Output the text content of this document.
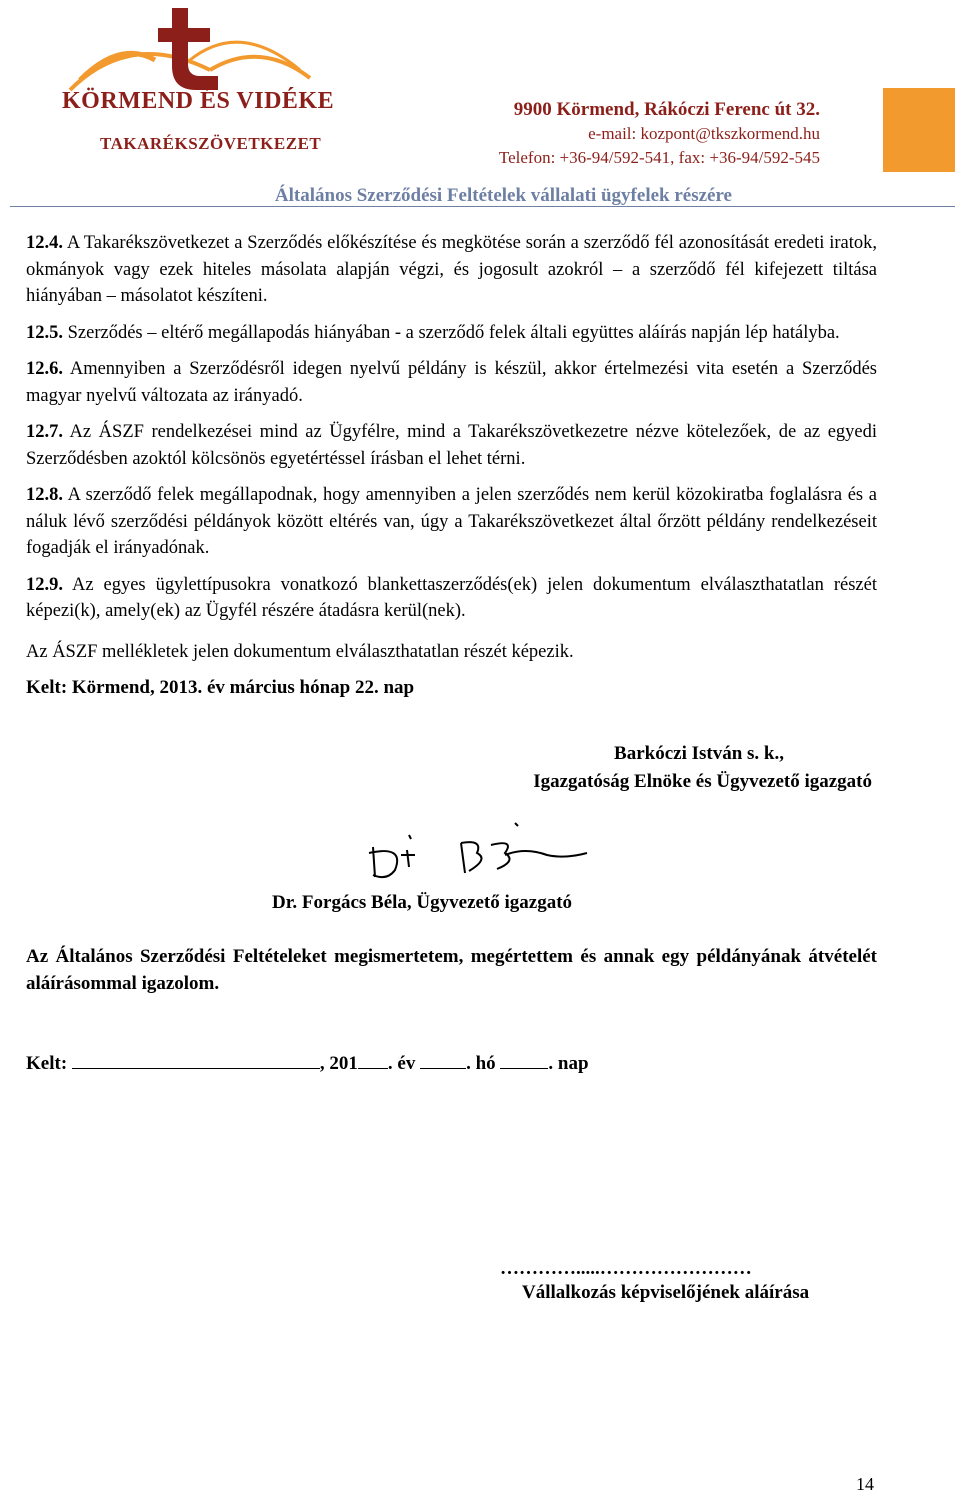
KÖRMEND ÉS VIDÉKE
TAKARÉKSZÖVETKEZET
9900 Körmend, Rákóczi Ferenc út 32.
e-mail: kozpont@tkszkormend.hu
Telefon: +36-94/592-541, fax: +36-94/592-545
Általános Szerződési Feltételek vállalati ügyfelek részére

12.4. A Takarékszövetkezet a Szerződés előkészítése és megkötése során a szerződő fél azonosítását eredeti iratok, okmányok vagy ezek hiteles másolata alapján végzi, és jogosult azokról – a szerződő fél kifejezett tiltása hiányában – másolatot készíteni.

12.5. Szerződés – eltérő megállapodás hiányában - a szerződő felek általi együttes aláírás napján lép hatályba.

12.6. Amennyiben a Szerződésről idegen nyelvű példány is készül, akkor értelmezési vita esetén a Szerződés magyar nyelvű változata az irányadó.

12.7. Az ÁSZF rendelkezései mind az Ügyfélre, mind a Takarékszövetkezetre nézve kötelezőek, de az egyedi Szerződésben azoktól kölcsönös egyetértéssel írásban el lehet térni.

12.8. A szerződő felek megállapodnak, hogy amennyiben a jelen szerződés nem kerül közokiratba foglalásra és a náluk lévő szerződési példányok között eltérés van, úgy a Takarékszövetkezet által őrzött példány rendelkezéseit fogadják el irányadónak.

12.9. Az egyes ügylettípusokra vonatkozó blankettaszerződés(ek) jelen dokumentum elválaszthatatlan részét képezi(k), amely(ek) az Ügyfél részére átadásra kerül(nek).

Az ÁSZF mellékletek jelen dokumentum elválaszthatatlan részét képezik.

Kelt: Körmend, 2013. év március hónap 22. nap

Barkóczi István s. k.,
Igazgatóság Elnöke és Ügyvezető igazgató
Dr. Forgács Béla, Ügyvezető igazgató
Az Általános Szerződési Feltételeket megismertetem, megértettem és annak egy példányának átvételét aláírásommal igazolom.
Kelt:	, 201 . év	. hó	. nap
………….....……………………
Vállalkozás képviselőjének aláírása
14
